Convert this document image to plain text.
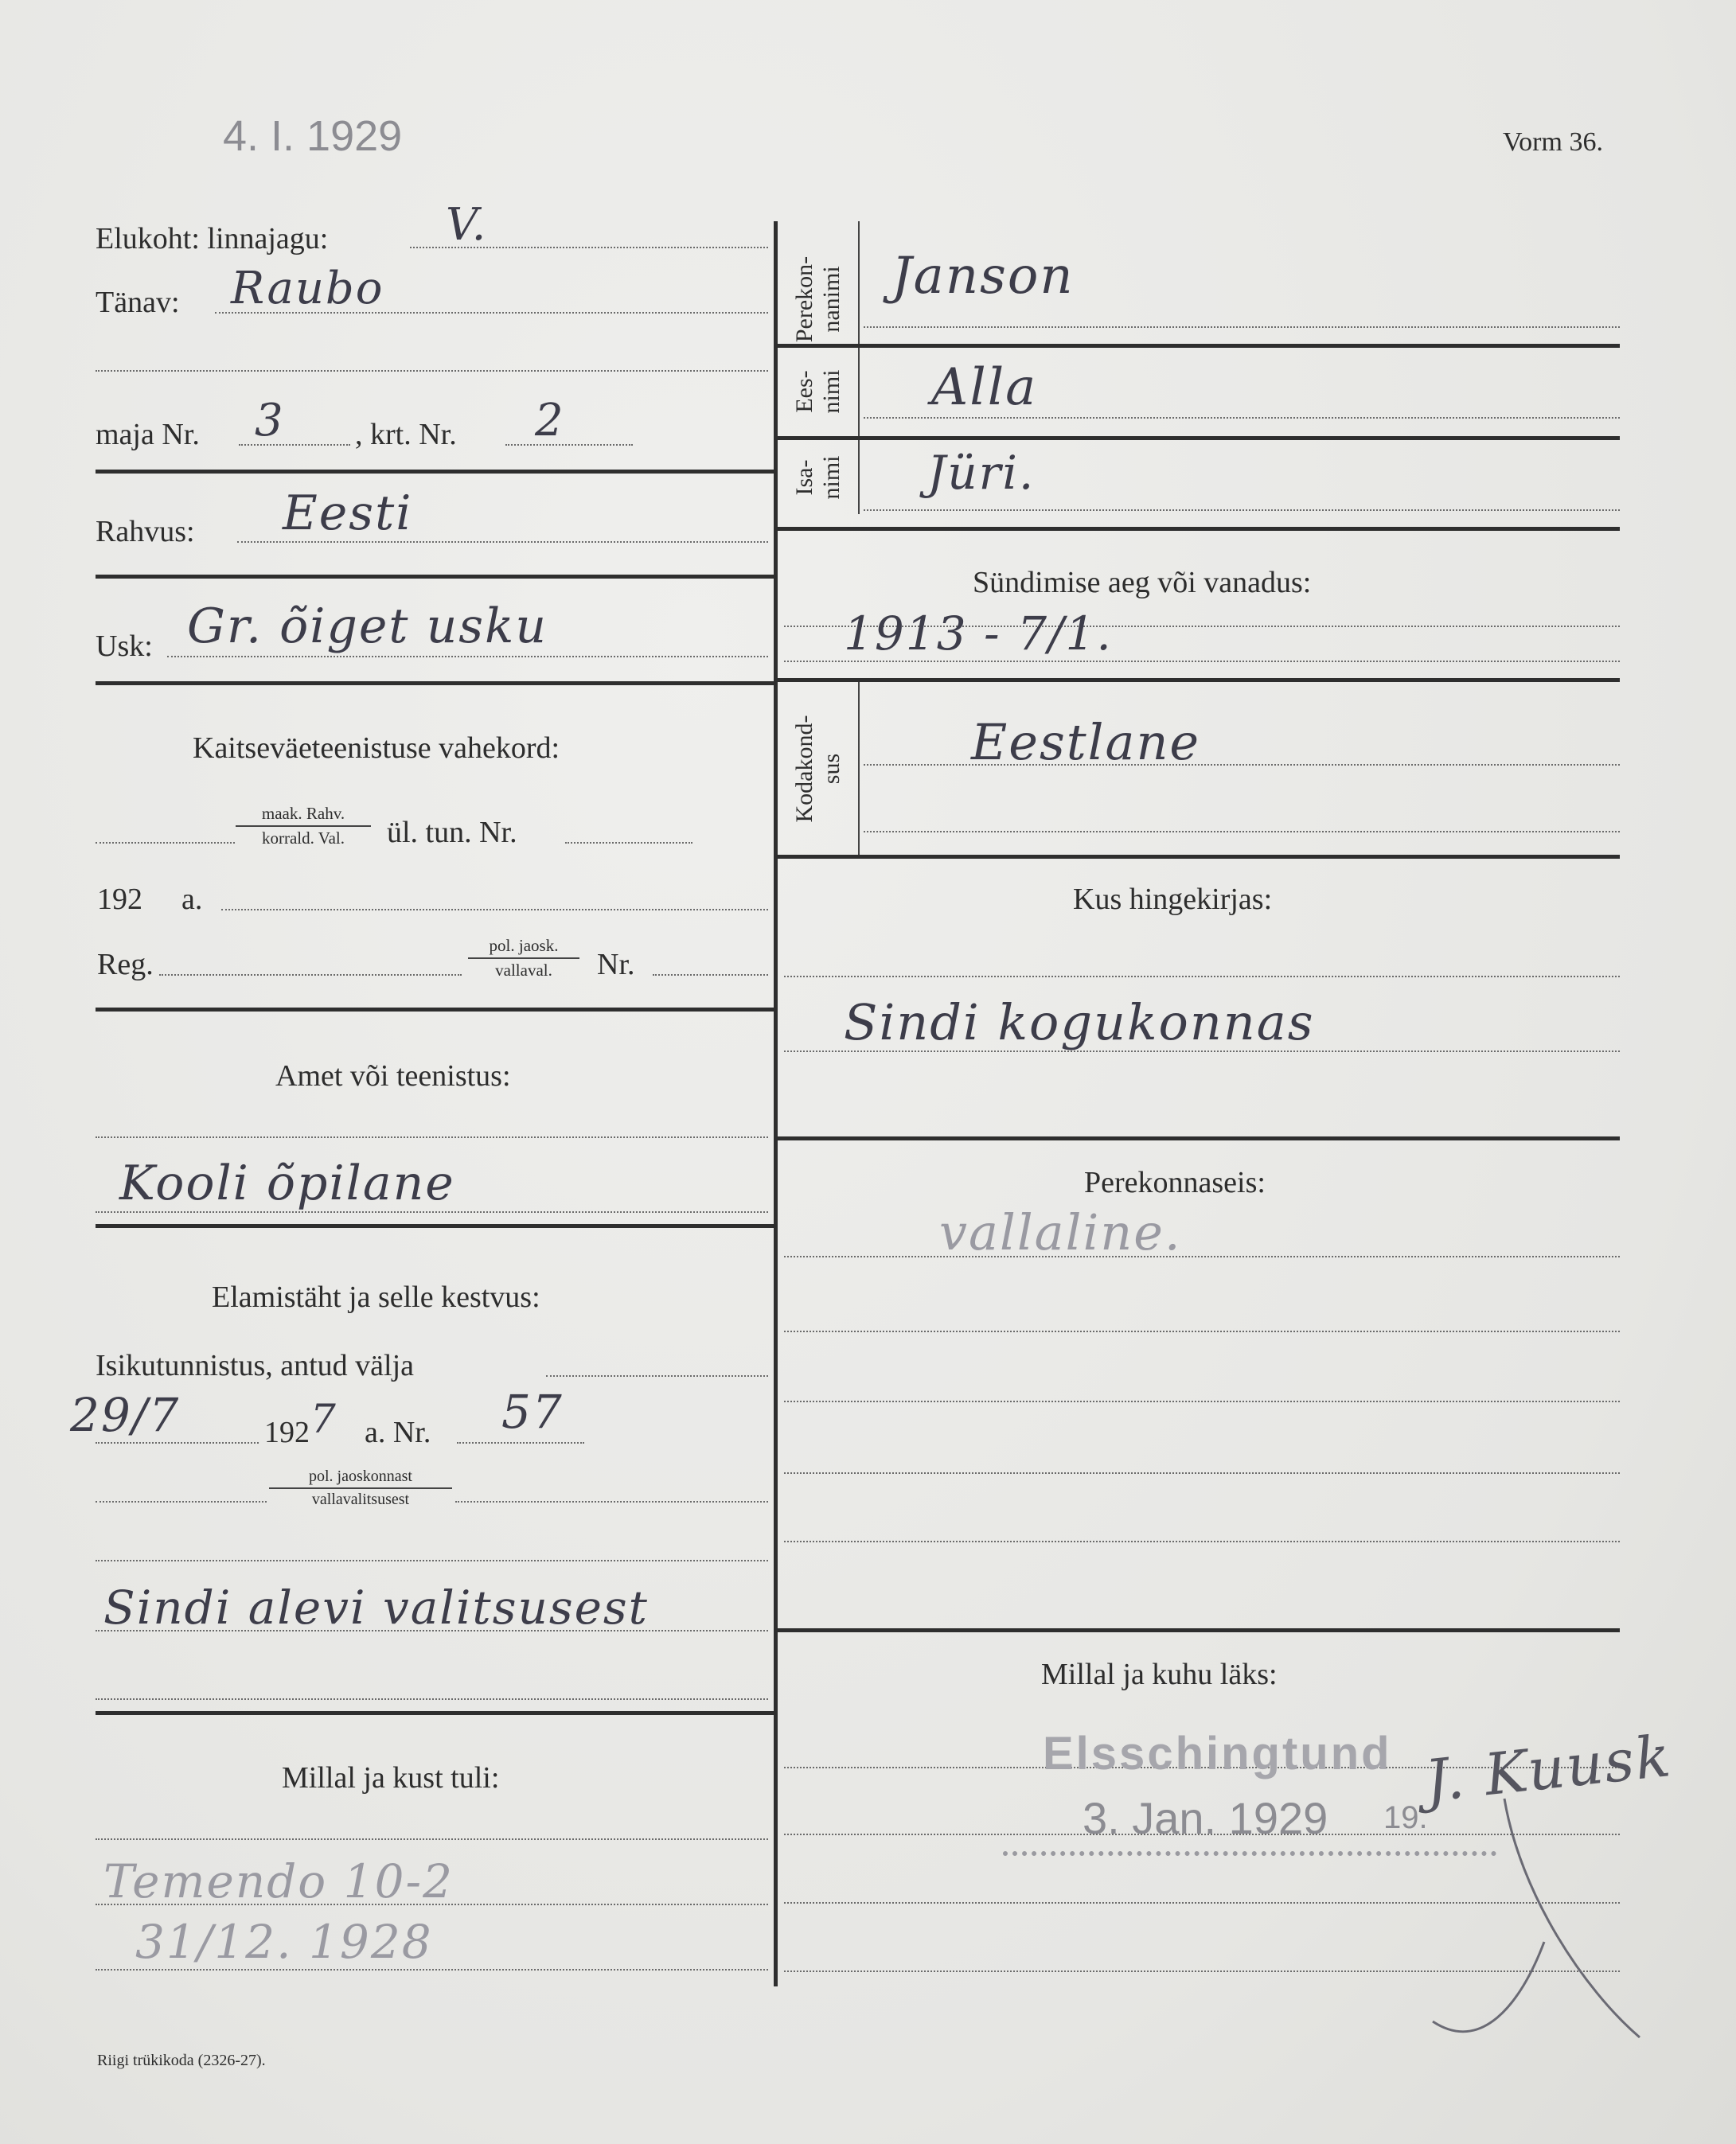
4. I. 1929	Vorm 36.
Elukoht: linnajagu:	V.
Tänav: Raubo
maja Nr. 3 , krt. Nr. 2
Rahvus: Eesti
Usk: Gr. õiget usku
Kaitseväeteenistuse vahekord:
maak. Rahv.
korrald. Val.	ül. tun. Nr.
192 a.
Reg.
pol. jaosk.
vallaval.	Nr.
Amet või teenistus:
Kooli õpilane
Elamistäht ja selle kestvus:
Isikutunnistus, antud välja
29/7	192 7 a. Nr. 57
pol. jaoskonnast
vallavalitsusest
Sindi alevi valitsusest
Millal ja kust tuli:
Temendo 10-2
31/12. 1928
Riigi trükikoda (2326-27).
Perekon-
nanimi Janson
Ees-
nimi Alla
Isa-
nimi Jüri.
Sündimise aeg või vanadus:
1913 - 7/1.
Kodakond-
sus	Eestlane
Kus hingekirjas:
Sindi kogukonnas
Perekonnaseis:
vallaline.
Millal ja kuhu läks:
Elsschingtund
3. Jan. 1929 19.
J. Kuusk
